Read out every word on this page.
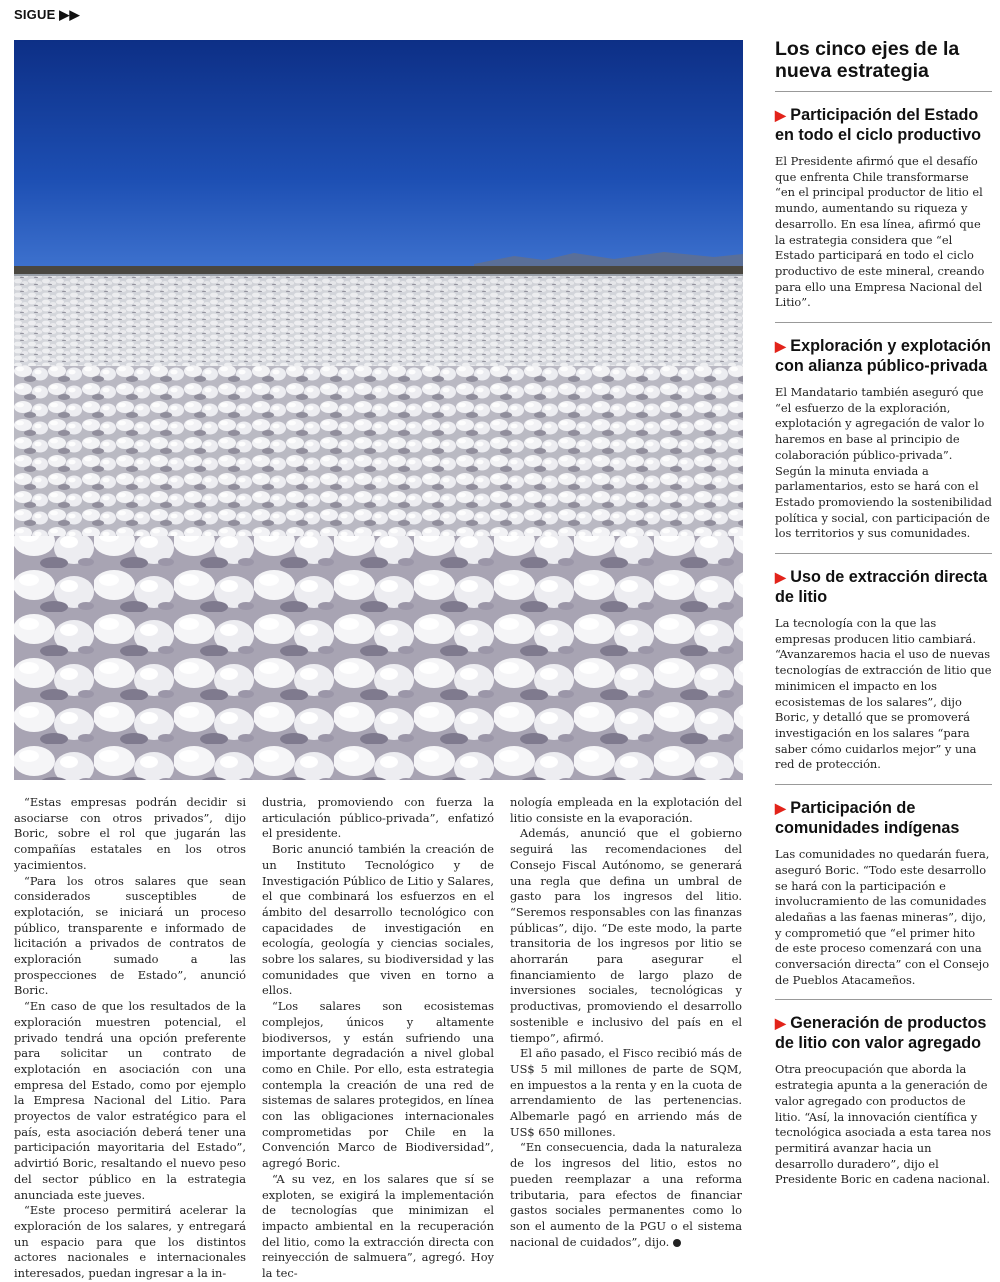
SIGUE ▶▶

“Estas empresas podrán decidir si asociarse con otros privados”, dijo Boric, sobre el rol que jugarán las compañías estatales en los otros yacimientos.

“Para los otros salares que sean considerados susceptibles de explotación, se iniciará un proceso público, transparente e informado de licitación a privados de contratos de exploración sumado a las prospecciones de Estado”, anunció Boric.

“En caso de que los resultados de la exploración muestren potencial, el privado tendrá una opción preferente para solicitar un contrato de explotación en asociación con una empresa del Estado, como por ejemplo la Empresa Nacional del Litio. Para proyectos de valor estratégico para el país, esta asociación deberá tener una participación mayoritaria del Estado”, advirtió Boric, resaltando el nuevo peso del sector público en la estrategia anunciada este jueves.

“Este proceso permitirá acelerar la exploración de los salares, y entregará un espacio para que los distintos actores nacionales e internacionales interesados, puedan ingresar a la in-

dustria, promoviendo con fuerza la articulación público-privada”, enfatizó el presidente.

Boric anunció también la creación de un Instituto Tecnológico y de Investigación Público de Litio y Salares, el que combinará los esfuerzos en el ámbito del desarrollo tecnológico con capacidades de investigación en ecología, geología y ciencias sociales, sobre los salares, su biodiversidad y las comunidades que viven en torno a ellos.

“Los salares son ecosistemas complejos, únicos y altamente biodiversos, y están sufriendo una importante degradación a nivel global como en Chile. Por ello, esta estrategia contempla la creación de una red de sistemas de salares protegidos, en línea con las obligaciones internacionales comprometidas por Chile en la Convención Marco de Biodiversidad”, agregó Boric.

“A su vez, en los salares que sí se exploten, se exigirá la implementación de tecnologías que minimizan el impacto ambiental en la recuperación del litio, como la extracción directa con reinyección de salmuera”, agregó. Hoy la tec-

nología empleada en la explotación del litio consiste en la evaporación.

Además, anunció que el gobierno seguirá las recomendaciones del Consejo Fiscal Autónomo, se generará una regla que defina un umbral de gasto para los ingresos del litio. “Seremos responsables con las finanzas públicas”, dijo. “De este modo, la parte transitoria de los ingresos por litio se ahorrarán para asegurar el financiamiento de largo plazo de inversiones sociales, tecnológicas y productivas, promoviendo el desarrollo sostenible e inclusivo del país en el tiempo”, afirmó.

El año pasado, el Fisco recibió más de US$ 5 mil millones de parte de SQM, en impuestos a la renta y en la cuota de arrendamiento de las pertenencias. Albemarle pagó en arriendo más de US$ 650 millones.

“En consecuencia, dada la naturaleza de los ingresos del litio, estos no pueden reemplazar a una reforma tributaria, para efectos de financiar gastos sociales permanentes como lo son el aumento de la PGU o el sistema nacional de cuidados”, dijo.

Los cinco ejes de la nueva estrategia
▶ Participación del Estado en todo el ciclo productivo

El Presidente afirmó que el desafío que enfrenta Chile transformarse “en el principal productor de litio el mundo, aumentando su riqueza y desarrollo. En esa línea, afirmó que la estrategia considera que “el Estado participará en todo el ciclo productivo de este mineral, creando para ello una Empresa Nacional del Litio”.

▶ Exploración y explotación con alianza público-privada

El Mandatario también aseguró que “el esfuerzo de la exploración, explotación y agregación de valor lo haremos en base al principio de colaboración público-privada”. Según la minuta enviada a parlamentarios, esto se hará con el Estado promoviendo la sostenibilidad política y social, con participación de los territorios y sus comunidades.

▶ Uso de extracción directa de litio

La tecnología con la que las empresas producen litio cambiará. “Avanzaremos hacia el uso de nuevas tecnologías de extracción de litio que minimicen el impacto en los ecosistemas de los salares”, dijo Boric, y detalló que se promoverá investigación en los salares “para saber cómo cuidarlos mejor” y una red de protección.

▶ Participación de comunidades indígenas

Las comunidades no quedarán fuera, aseguró Boric. “Todo este desarrollo se hará con la participación e involucramiento de las comunidades aledañas a las faenas mineras”, dijo, y comprometió que “el primer hito de este proceso comenzará con una conversación directa” con el Consejo de Pueblos Atacameños.

▶ Generación de productos de litio con valor agregado

Otra preocupación que aborda la estrategia apunta a la generación de valor agregado con productos de litio. “Así, la innovación científica y tecnológica asociada a esta tarea nos permitirá avanzar hacia un desarrollo duradero”, dijo el Presidente Boric en cadena nacional.
